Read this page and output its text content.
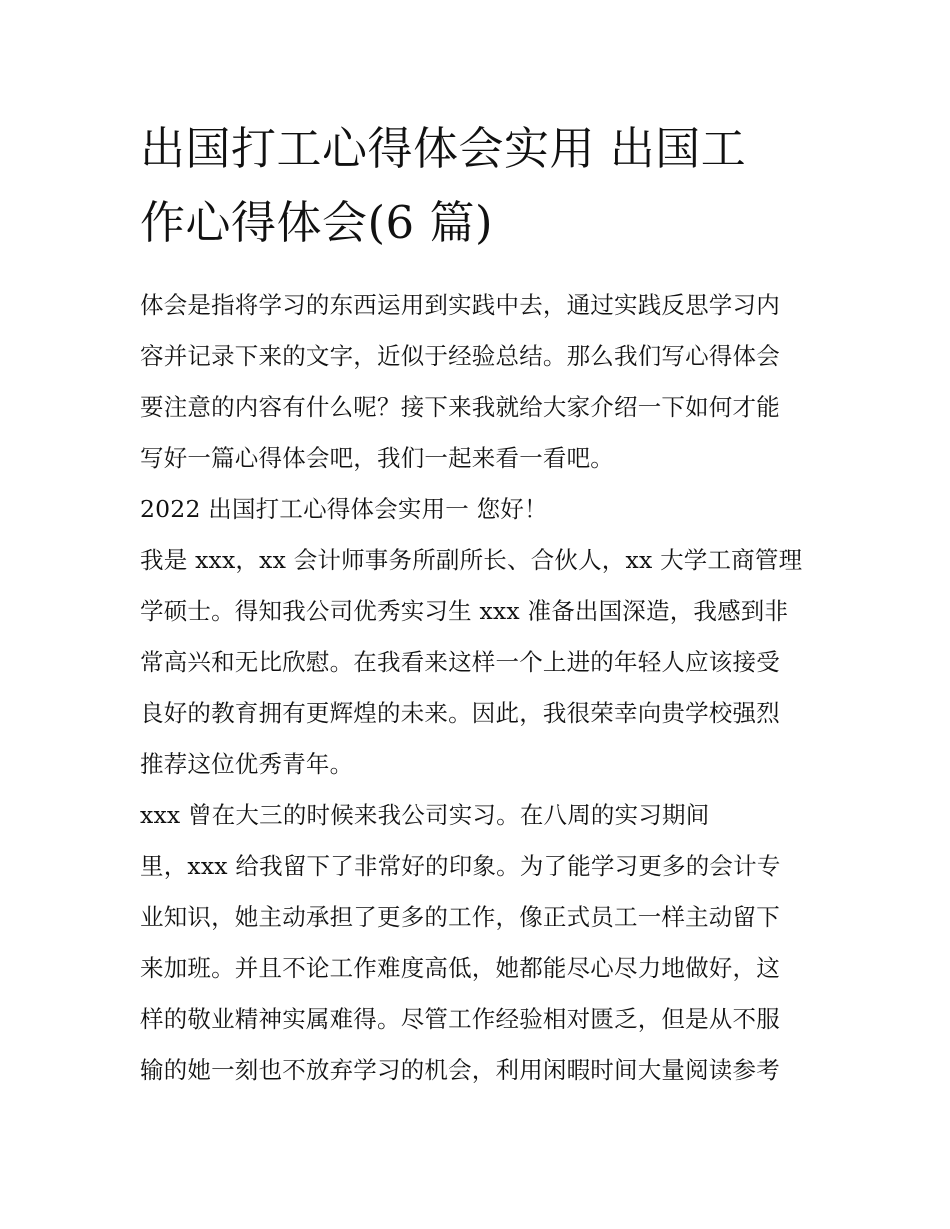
出国打工心得体会实用 出国工
作心得体会(6 篇)

体会是指将学习的东西运用到实践中去，通过实践反思学习内
容并记录下来的文字，近似于经验总结。那么我们写心得体会
要注意的内容有什么呢？接下来我就给大家介绍一下如何才能
写好一篇心得体会吧，我们一起来看一看吧。

2022 出国打工心得体会实用一 您好！

我是 xxx，xx 会计师事务所副所长、合伙人，xx 大学工商管理
学硕士。得知我公司优秀实习生 xxx 准备出国深造，我感到非
常高兴和无比欣慰。在我看来这样一个上进的年轻人应该接受
良好的教育拥有更辉煌的未来。因此，我很荣幸向贵学校强烈
推荐这位优秀青年。

xxx 曾在大三的时候来我公司实习。在八周的实习期间
里，xxx 给我留下了非常好的印象。为了能学习更多的会计专
业知识，她主动承担了更多的工作，像正式员工一样主动留下
来加班。并且不论工作难度高低，她都能尽心尽力地做好，这
样的敬业精神实属难得。尽管工作经验相对匮乏，但是从不服
输的她一刻也不放弃学习的机会，利用闲暇时间大量阅读参考
